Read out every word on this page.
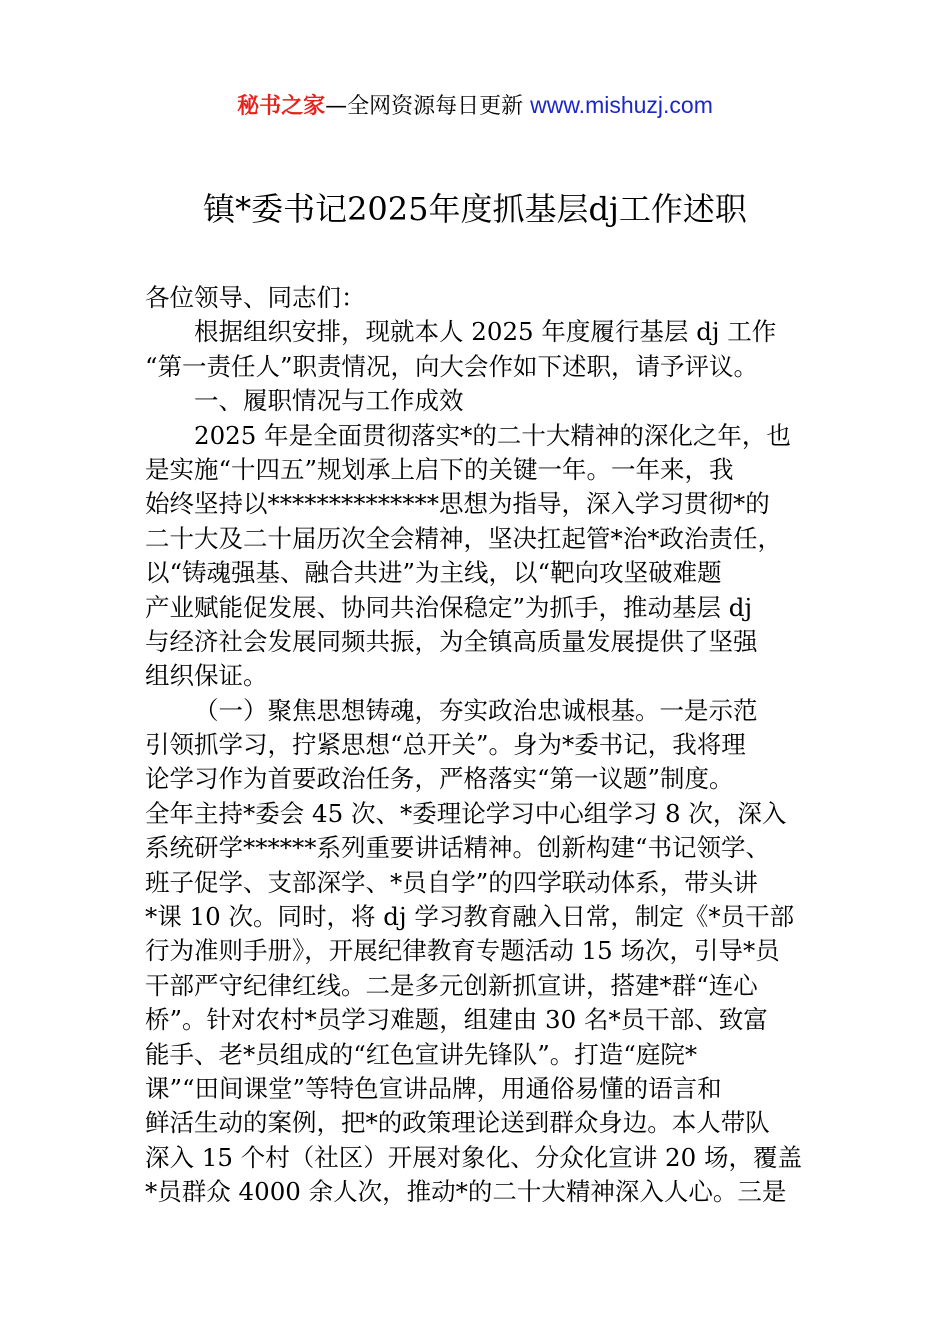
秘书之家—全网资源每日更新 www.mishuzj.com
镇*委书记2025年度抓基层dj工作述职
各位领导、同志们：
根据组织安排，现就本人 2025 年度履行基层 dj 工作
“第一责任人”职责情况，向大会作如下述职，请予评议。
一、履职情况与工作成效
2025 年是全面贯彻落实*的二十大精神的深化之年，也
是实施“十四五”规划承上启下的关键一年。一年来，我
始终坚持以**************思想为指导，深入学习贯彻*的
二十大及二十届历次全会精神，坚决扛起管*治*政治责任，
以“铸魂强基、融合共进”为主线，以“靶向攻坚破难题
产业赋能促发展、协同共治保稳定”为抓手，推动基层 dj
与经济社会发展同频共振，为全镇高质量发展提供了坚强
组织保证。
（一）聚焦思想铸魂，夯实政治忠诚根基。一是示范
引领抓学习，拧紧思想“总开关”。身为*委书记，我将理
论学习作为首要政治任务，严格落实“第一议题”制度。
全年主持*委会 45 次、*委理论学习中心组学习 8 次，深入
系统研学******系列重要讲话精神。创新构建“书记领学、
班子促学、支部深学、*员自学”的四学联动体系，带头讲
*课 10 次。同时，将 dj 学习教育融入日常，制定《*员干部
行为准则手册》，开展纪律教育专题活动 15 场次，引导*员
干部严守纪律红线。二是多元创新抓宣讲，搭建*群“连心
桥”。针对农村*员学习难题，组建由 30 名*员干部、致富
能手、老*员组成的“红色宣讲先锋队”。打造“庭院*
课”“田间课堂”等特色宣讲品牌，用通俗易懂的语言和
鲜活生动的案例，把*的政策理论送到群众身边。本人带队
深入 15 个村（社区）开展对象化、分众化宣讲 20 场，覆盖
*员群众 4000 余人次，推动*的二十大精神深入人心。三是
